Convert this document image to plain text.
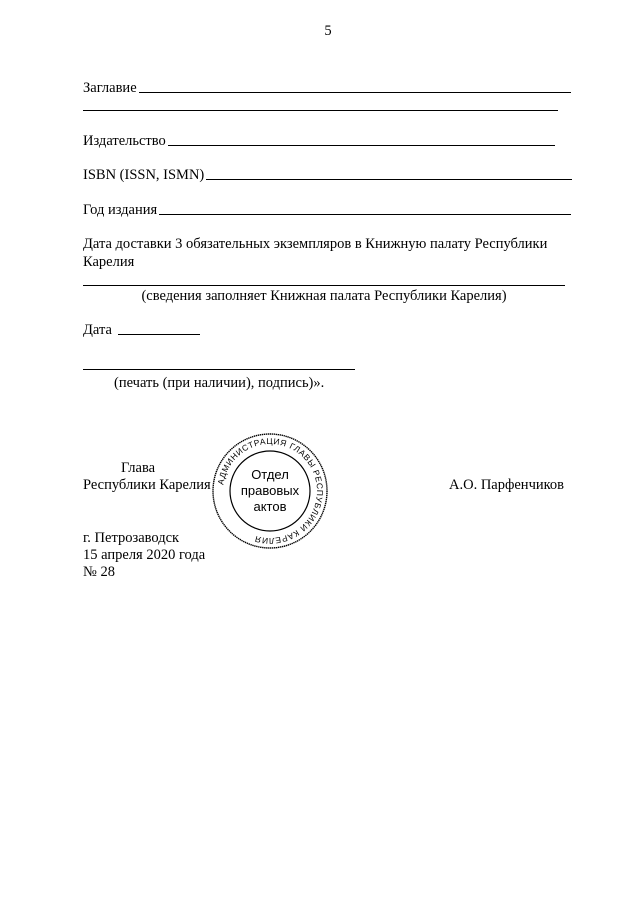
5
Заглавие
Издательство
ISBN (ISSN, ISMN)
Год издания
Дата доставки 3 обязательных экземпляров в Книжную палату Республики
Карелия
(сведения заполняет Книжная палата Республики Карелия)
Дата
(печать (при наличии), подпись)».
Глава
Республики Карелия	А.О. Парфенчиков
АДМИНИСТРАЦИЯ ГЛАВЫ РЕСПУБЛИКИ КАРЕЛИЯ
Отдел
правовых
актов
г. Петрозаводск
15 апреля 2020 года
№ 28
